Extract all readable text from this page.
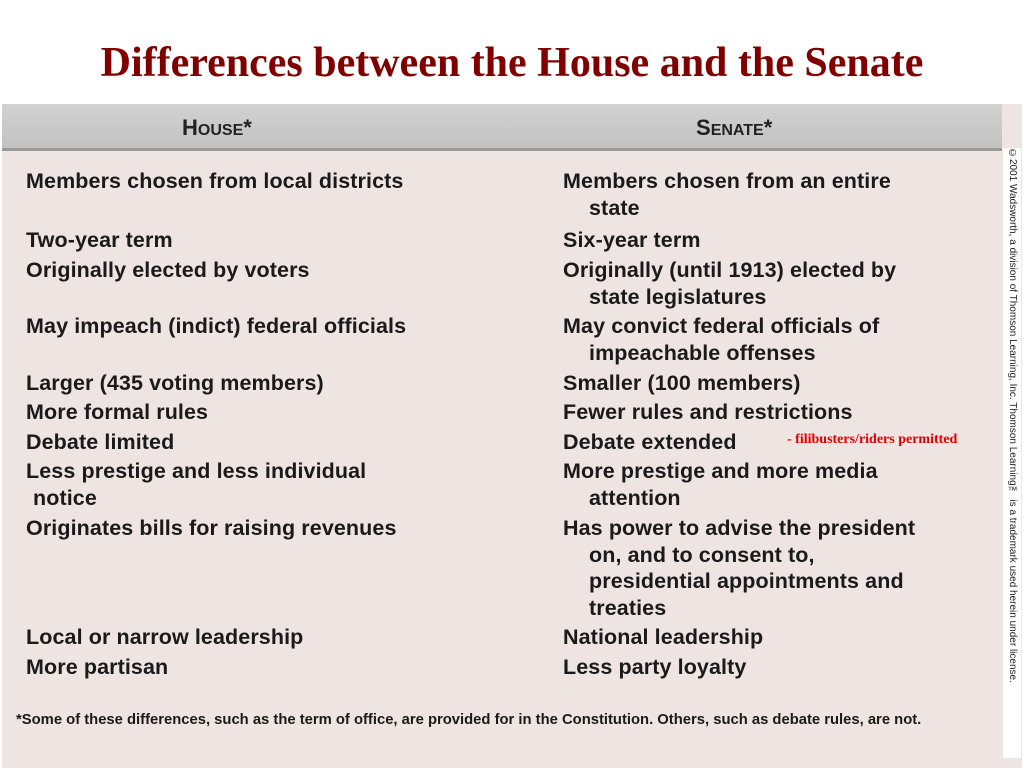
Differences between the House and the Senate
HOUSE*	SENATE*
Members chosen from local districts
Two-year term
Originally elected by voters
May impeach (indict) federal officials
Larger (435 voting members)
More formal rules
Debate limited
Less prestige and less individual
notice
Originates bills for raising revenues
Local or narrow leadership
More partisan
Members chosen from an entire
state
Six-year term
Originally (until 1913) elected by
state legislatures
May convict federal officials of
impeachable offenses
Smaller (100 members)
Fewer rules and restrictions
Debate extended
More prestige and more media
attention
Has power to advise the president
on, and to consent to,
presidential appointments and
treaties
National leadership
Less party loyalty
- filibusters/riders permitted
*Some of these differences, such as the term of office, are provided for in the Constitution. Others, such as debate rules, are not.
©2001 Wadsworth, a division of Thomson Learning, Inc. Thomson Learning™ is a trademark used herein under license.
